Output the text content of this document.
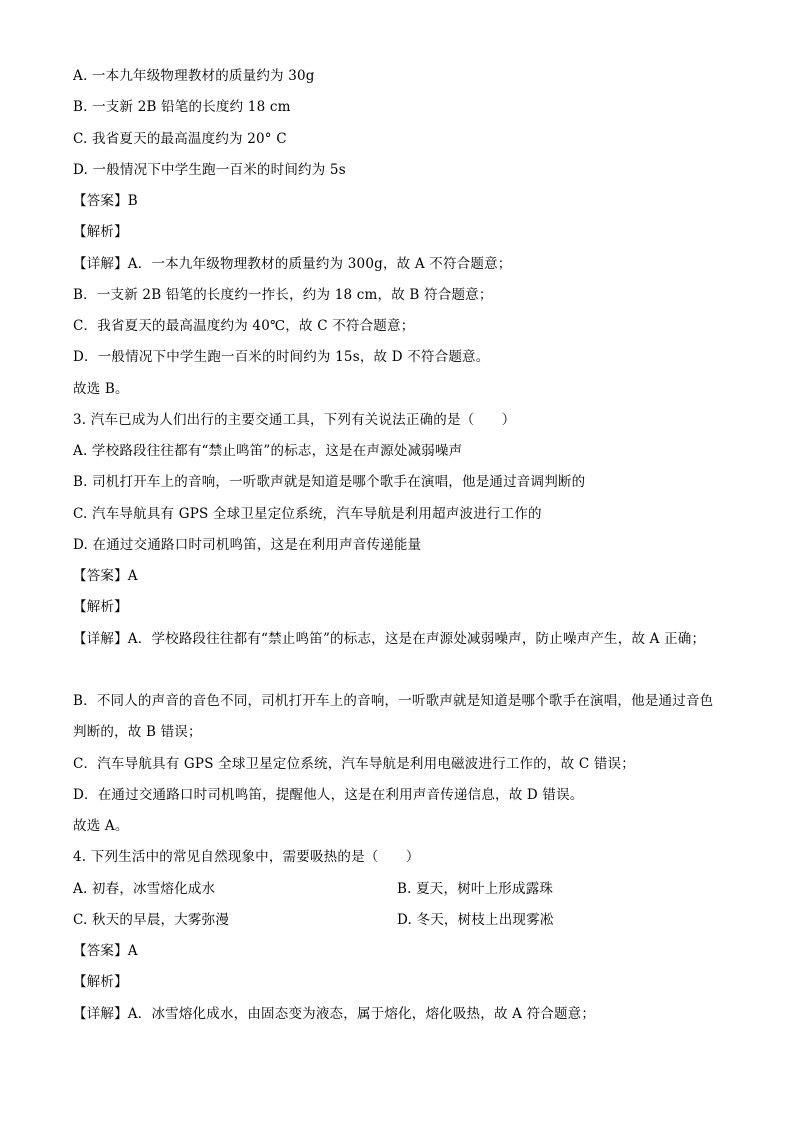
A. 一本九年级物理教材的质量约为 30g
B. 一支新 2B 铅笔的长度约 18 cm
C. 我省夏天的最高温度约为 20° C
D. 一般情况下中学生跑一百米的时间约为 5s
【答案】B
【解析】
【详解】A．一本九年级物理教材的质量约为 300g，故 A 不符合题意；
B．一支新 2B 铅笔的长度约一拃长，约为 18 cm，故 B 符合题意；
C．我省夏天的最高温度约为 40℃，故 C 不符合题意；
D．一般情况下中学生跑一百米的时间约为 15s，故 D 不符合题意。
故选 B。
3. 汽车已成为人们出行的主要交通工具，下列有关说法正确的是（　　）
A. 学校路段往往都有“禁止鸣笛”的标志，这是在声源处减弱噪声
B. 司机打开车上的音响，一听歌声就是知道是哪个歌手在演唱，他是通过音调判断的
C. 汽车导航具有 GPS 全球卫星定位系统，汽车导航是利用超声波进行工作的
D. 在通过交通路口时司机鸣笛，这是在利用声音传递能量
【答案】A
【解析】
【详解】A．学校路段往往都有“禁止鸣笛”的标志，这是在声源处减弱噪声，防止噪声产生，故 A 正确；
B．不同人的声音的音色不同，司机打开车上的音响，一听歌声就是知道是哪个歌手在演唱，他是通过音色判断的，故 B 错误；
C．汽车导航具有 GPS 全球卫星定位系统，汽车导航是利用电磁波进行工作的，故 C 错误；
D．在通过交通路口时司机鸣笛，提醒他人，这是在利用声音传递信息，故 D 错误。
故选 A。
4. 下列生活中的常见自然现象中，需要吸热的是（　　）
A. 初春，冰雪熔化成水	B. 夏天，树叶上形成露珠
C. 秋天的早晨，大雾弥漫	D. 冬天，树枝上出现雾凇
【答案】A
【解析】
【详解】A．冰雪熔化成水，由固态变为液态，属于熔化，熔化吸热，故 A 符合题意；
